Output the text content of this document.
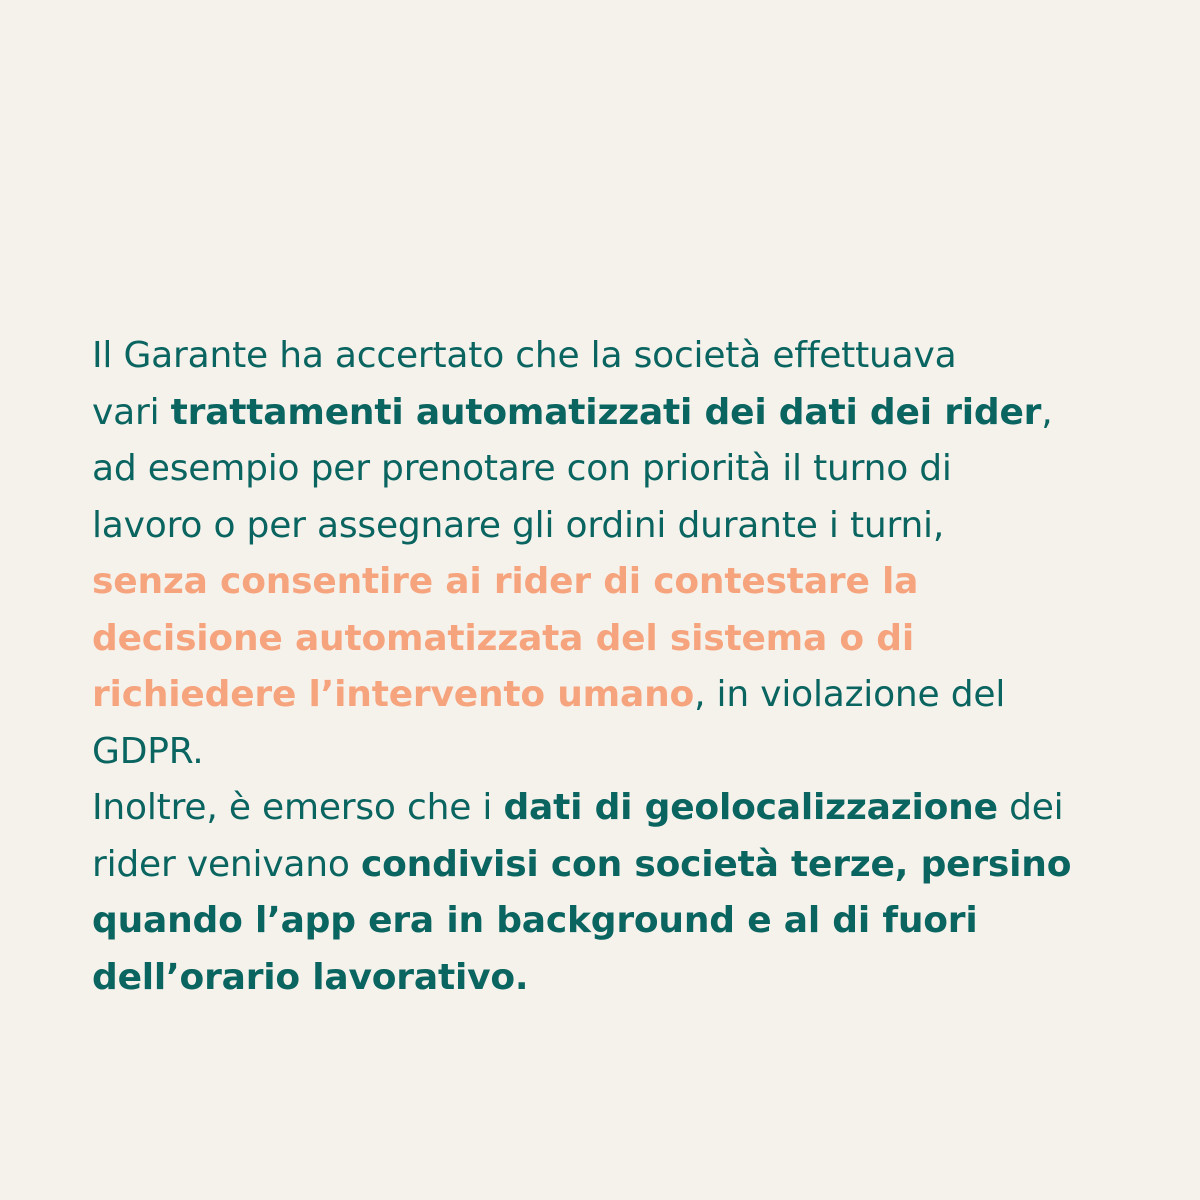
Il Garante ha accertato che la società effettuava
vari trattamenti automatizzati dei dati dei rider,
ad esempio per prenotare con priorità il turno di
lavoro o per assegnare gli ordini durante i turni,
senza consentire ai rider di contestare la
decisione automatizzata del sistema o di
richiedere l’intervento umano, in violazione del
GDPR.
Inoltre, è emerso che i dati di geolocalizzazione dei
rider venivano condivisi con società terze, persino
quando l’app era in background e al di fuori
dell’orario lavorativo.
